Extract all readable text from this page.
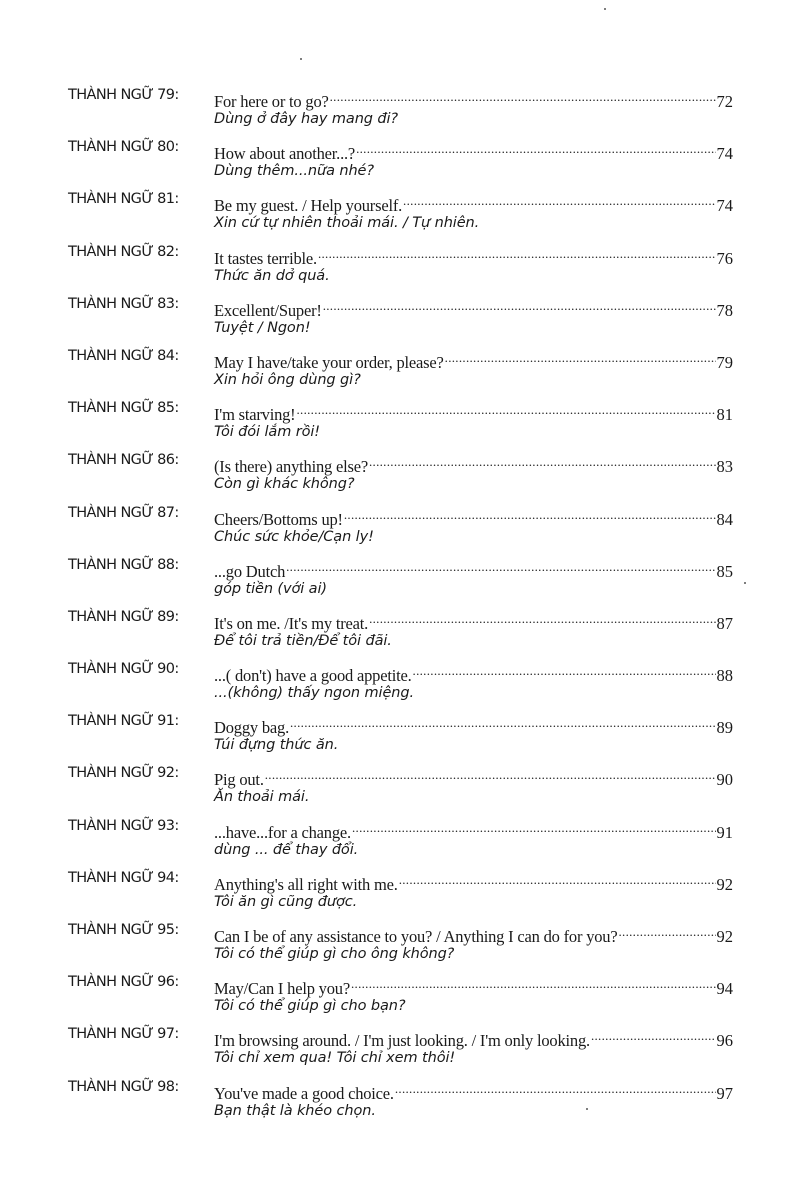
THÀNH NGỮ 79: For here or to go? .....	72
Dùng ở đây hay mang đi?
THÀNH NGỮ 80: How about another...? .....	74
Dùng thêm...nữa nhé?
THÀNH NGỮ 81: Be my guest. / Help yourself. .....	74
Xin cứ tự nhiên thoải mái. / Tự nhiên.
THÀNH NGỮ 82: It tastes terrible. .....	76
Thức ăn dở quá.
THÀNH NGỮ 83: Excellent/Super! .....	78
Tuyệt / Ngon!
THÀNH NGỮ 84: May I have/take your order, please? .....	79
Xin hỏi ông dùng gì?
THÀNH NGỮ 85: I'm starving! .....	81
Tôi đói lắm rồi!
THÀNH NGỮ 86: (Is there) anything else? .....	83
Còn gì khác không?
THÀNH NGỮ 87: Cheers/Bottoms up! .....	84
Chúc sức khỏe/Cạn ly!
THÀNH NGỮ 88: ...go Dutch .....	85
góp tiền (với ai)
THÀNH NGỮ 89: It's on me. /It's my treat. .....	87
Để tôi trả tiền/Để tôi đãi.
THÀNH NGỮ 90: ...( don't) have a good appetite. .....	88
...(không) thấy ngon miệng.
THÀNH NGỮ 91: Doggy bag. .....	89
Túi đựng thức ăn.
THÀNH NGỮ 92: Pig out. .....	90
Ăn thoải mái.
THÀNH NGỮ 93: ...have...for a change. .....	91
dùng ... để thay đổi.
THÀNH NGỮ 94: Anything's all right with me. .....	92
Tôi ăn gì cũng được.
THÀNH NGỮ 95: Can I be of any assistance to you? / Anything I can do for you? .....	92
Tôi có thể giúp gì cho ông không?
THÀNH NGỮ 96: May/Can I help you? .....	94
Tôi có thể giúp gì cho bạn?
THÀNH NGỮ 97: I'm browsing around. / I'm just looking. / I'm only looking. .....	96
Tôi chỉ xem qua! Tôi chỉ xem thôi!
THÀNH NGỮ 98: You've made a good choice. .....	97
Bạn thật là khéo chọn.
